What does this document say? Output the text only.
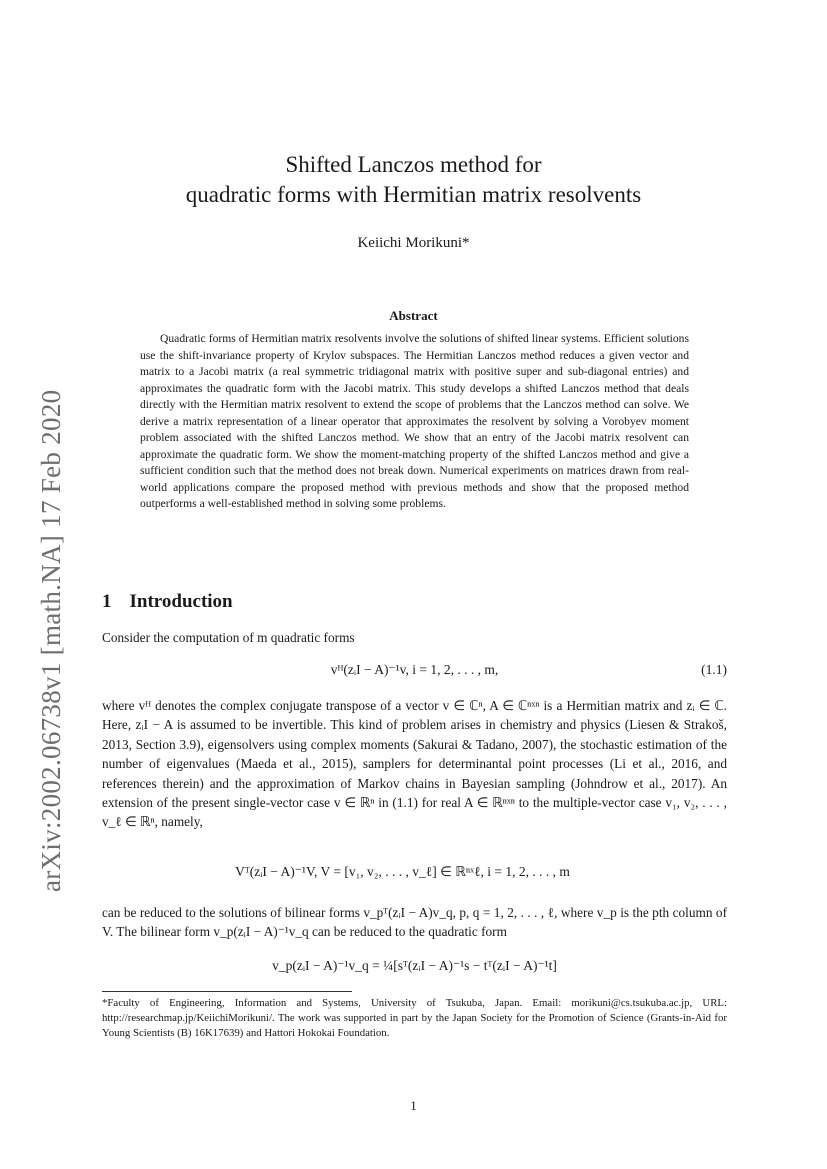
arXiv:2002.06738v1 [math.NA] 17 Feb 2020
Shifted Lanczos method for
quadratic forms with Hermitian matrix resolvents
Keiichi Morikuni*
Abstract
Quadratic forms of Hermitian matrix resolvents involve the solutions of shifted linear systems. Efficient solutions use the shift-invariance property of Krylov subspaces. The Hermitian Lanczos method reduces a given vector and matrix to a Jacobi matrix (a real symmetric tridiagonal matrix with positive super and sub-diagonal entries) and approximates the quadratic form with the Jacobi matrix. This study develops a shifted Lanczos method that deals directly with the Hermitian matrix resolvent to extend the scope of problems that the Lanczos method can solve. We derive a matrix representation of a linear operator that approximates the resolvent by solving a Vorobyev moment problem associated with the shifted Lanczos method. We show that an entry of the Jacobi matrix resolvent can approximate the quadratic form. We show the moment-matching property of the shifted Lanczos method and give a sufficient condition such that the method does not break down. Numerical experiments on matrices drawn from real-world applications compare the proposed method with previous methods and show that the proposed method outperforms a well-established method in solving some problems.
1 Introduction
Consider the computation of m quadratic forms
vᴴ(zᵢI − A)⁻¹v, i = 1, 2, . . . , m,	(1.1)
where vᴴ denotes the complex conjugate transpose of a vector v ∈ ℂⁿ, A ∈ ℂⁿˣⁿ is a Hermitian matrix and zᵢ ∈ ℂ. Here, zᵢI − A is assumed to be invertible. This kind of problem arises in chemistry and physics (Liesen & Strakoš, 2013, Section 3.9), eigensolvers using complex moments (Sakurai & Tadano, 2007), the stochastic estimation of the number of eigenvalues (Maeda et al., 2015), samplers for determinantal point processes (Li et al., 2016, and references therein) and the approximation of Markov chains in Bayesian sampling (Johndrow et al., 2017). An extension of the present single-vector case v ∈ ℝⁿ in (1.1) for real A ∈ ℝⁿˣⁿ to the multiple-vector case v₁, v₂, . . . , v_ℓ ∈ ℝⁿ, namely,
Vᵀ(zᵢI − A)⁻¹V, V = [v₁, v₂, . . . , v_ℓ] ∈ ℝⁿˣℓ, i = 1, 2, . . . , m
can be reduced to the solutions of bilinear forms v_pᵀ(zᵢI − A)v_q, p, q = 1, 2, . . . , ℓ, where v_p is the pth column of V. The bilinear form v_p(zᵢI − A)⁻¹v_q can be reduced to the quadratic form
v_p(zᵢI − A)⁻¹v_q = ¼[sᵀ(zᵢI − A)⁻¹s − tᵀ(zᵢI − A)⁻¹t]
*Faculty of Engineering, Information and Systems, University of Tsukuba, Japan. Email: morikuni@cs.tsukuba.ac.jp, URL: http://researchmap.jp/KeiichiMorikuni/. The work was supported in part by the Japan Society for the Promotion of Science (Grants-in-Aid for Young Scientists (B) 16K17639) and Hattori Hokokai Foundation.
1
